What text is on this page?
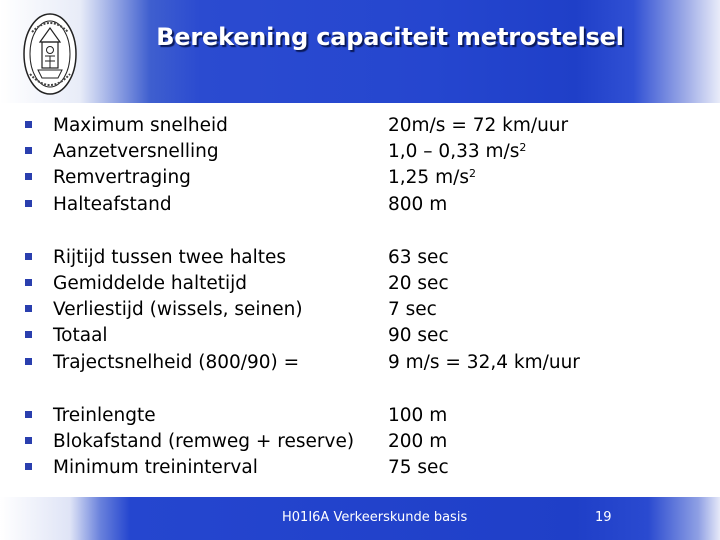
Berekening capaciteit metrostelsel
Maximum snelheid	20m/s = 72 km/uur
Aanzetversnelling	1,0 – 0,33 $m/s^2$
Remvertraging	1,25 $m/s^2$
Halteafstand	800 m
Rijtijd tussen twee haltes	63 sec
Gemiddelde haltetijd	20 sec
Verliestijd (wissels, seinen)	7 sec
Totaal	90 sec
Trajectsnelheid (800/90) =	9 m/s = 32,4 km/uur
Treinlengte	100 m
Blokafstand (remweg + reserve) 200 m
Minimum treininterval	75 sec
H01I6A Verkeerskunde basis	19
